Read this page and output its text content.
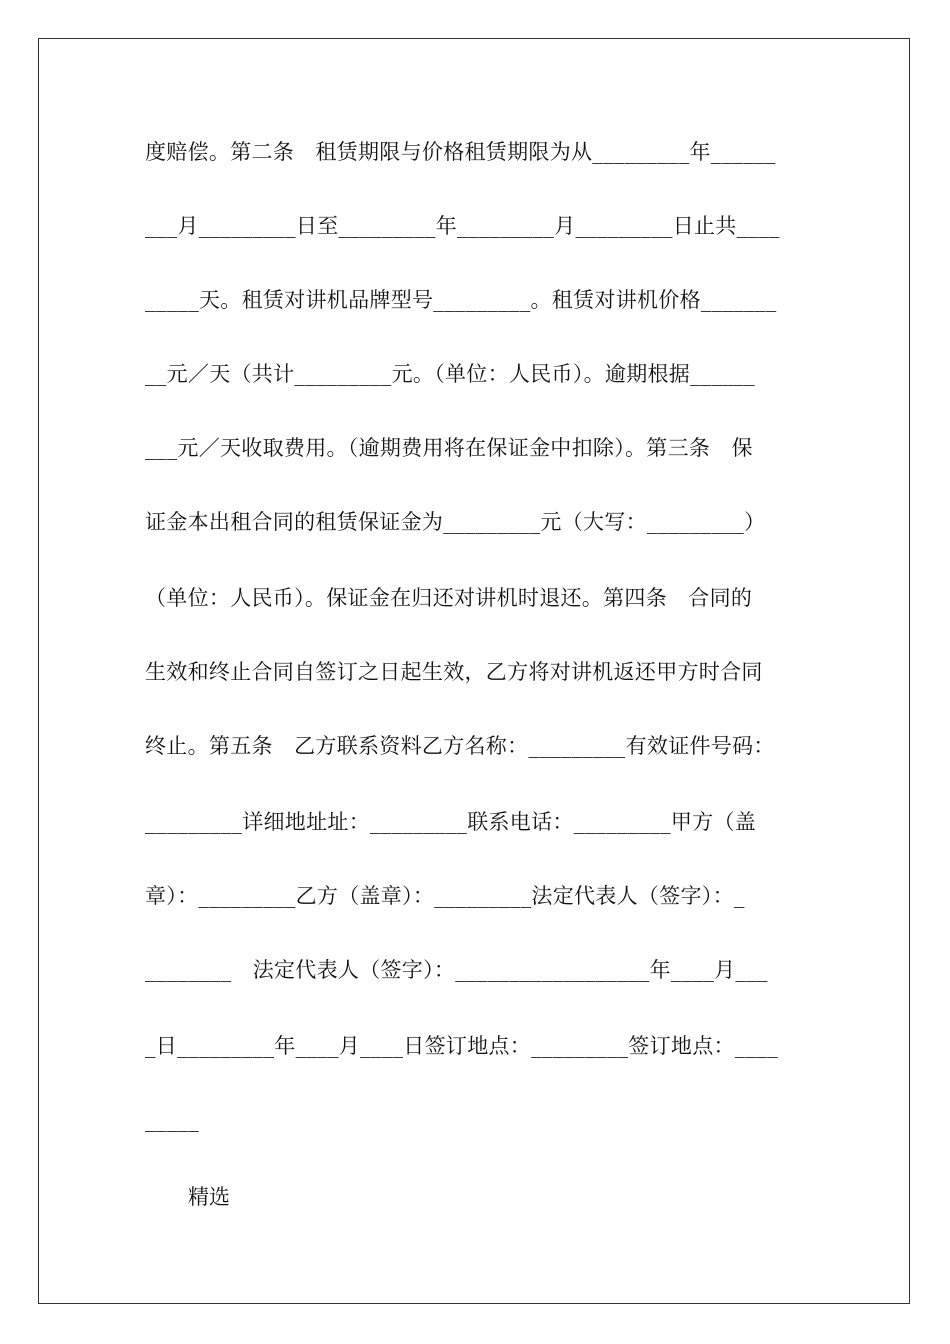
度赔偿。第二条　租赁期限与价格租赁期限为从_________年______
___月_________日至_________年_________月_________日止共____
_____天。租赁对讲机品牌型号_________。租赁对讲机价格_______
__元／天（共计_________元。（单位：人民币）。逾期根据______
___元／天收取费用。（逾期费用将在保证金中扣除）。第三条　保
证金本出租合同的租赁保证金为_________元（大写：_________）
（单位：人民币）。保证金在归还对讲机时退还。第四条　合同的
生效和终止合同自签订之日起生效，乙方将对讲机返还甲方时合同
终止。第五条　乙方联系资料乙方名称：_________有效证件号码：
_________详细地址址：_________联系电话：_________甲方（盖
章）：_________乙方（盖章）：_________法定代表人（签字）：_
________　法定代表人（签字）：__________________年____月___
_日_________年____月____日签订地点：_________签订地点：____
_____
精选
